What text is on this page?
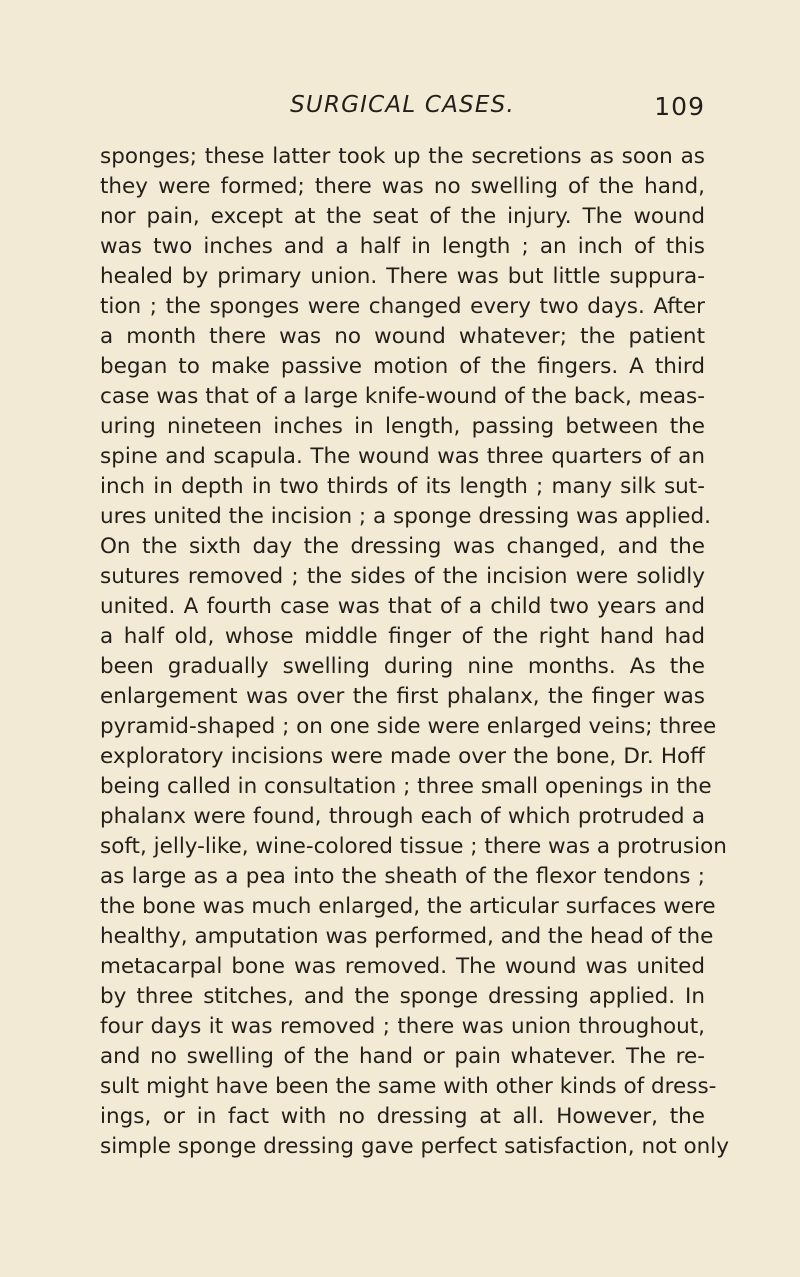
SURGICAL CASES.	109
sponges; these latter took up the secretions as soon as
they were formed; there was no swelling of the hand,
nor pain, except at the seat of the injury. The wound
was two inches and a half in length ; an inch of this
healed by primary union. There was but little suppura-
tion ; the sponges were changed every two days. After
a month there was no wound whatever; the patient
began to make passive motion of the fingers. A third
case was that of a large knife-wound of the back, meas-
uring nineteen inches in length, passing between the
spine and scapula. The wound was three quarters of an
inch in depth in two thirds of its length ; many silk sut-
ures united the incision ; a sponge dressing was applied.
On the sixth day the dressing was changed, and the
sutures removed ; the sides of the incision were solidly
united. A fourth case was that of a child two years and
a half old, whose middle finger of the right hand had
been gradually swelling during nine months. As the
enlargement was over the first phalanx, the finger was
pyramid-shaped ; on one side were enlarged veins; three
exploratory incisions were made over the bone, Dr. Hoff
being called in consultation ; three small openings in the
phalanx were found, through each of which protruded a
soft, jelly-like, wine-colored tissue ; there was a protrusion
as large as a pea into the sheath of the flexor tendons ;
the bone was much enlarged, the articular surfaces were
healthy, amputation was performed, and the head of the
metacarpal bone was removed. The wound was united
by three stitches, and the sponge dressing applied. In
four days it was removed ; there was union throughout,
and no swelling of the hand or pain whatever. The re-
sult might have been the same with other kinds of dress-
ings, or in fact with no dressing at all. However, the
simple sponge dressing gave perfect satisfaction, not only
